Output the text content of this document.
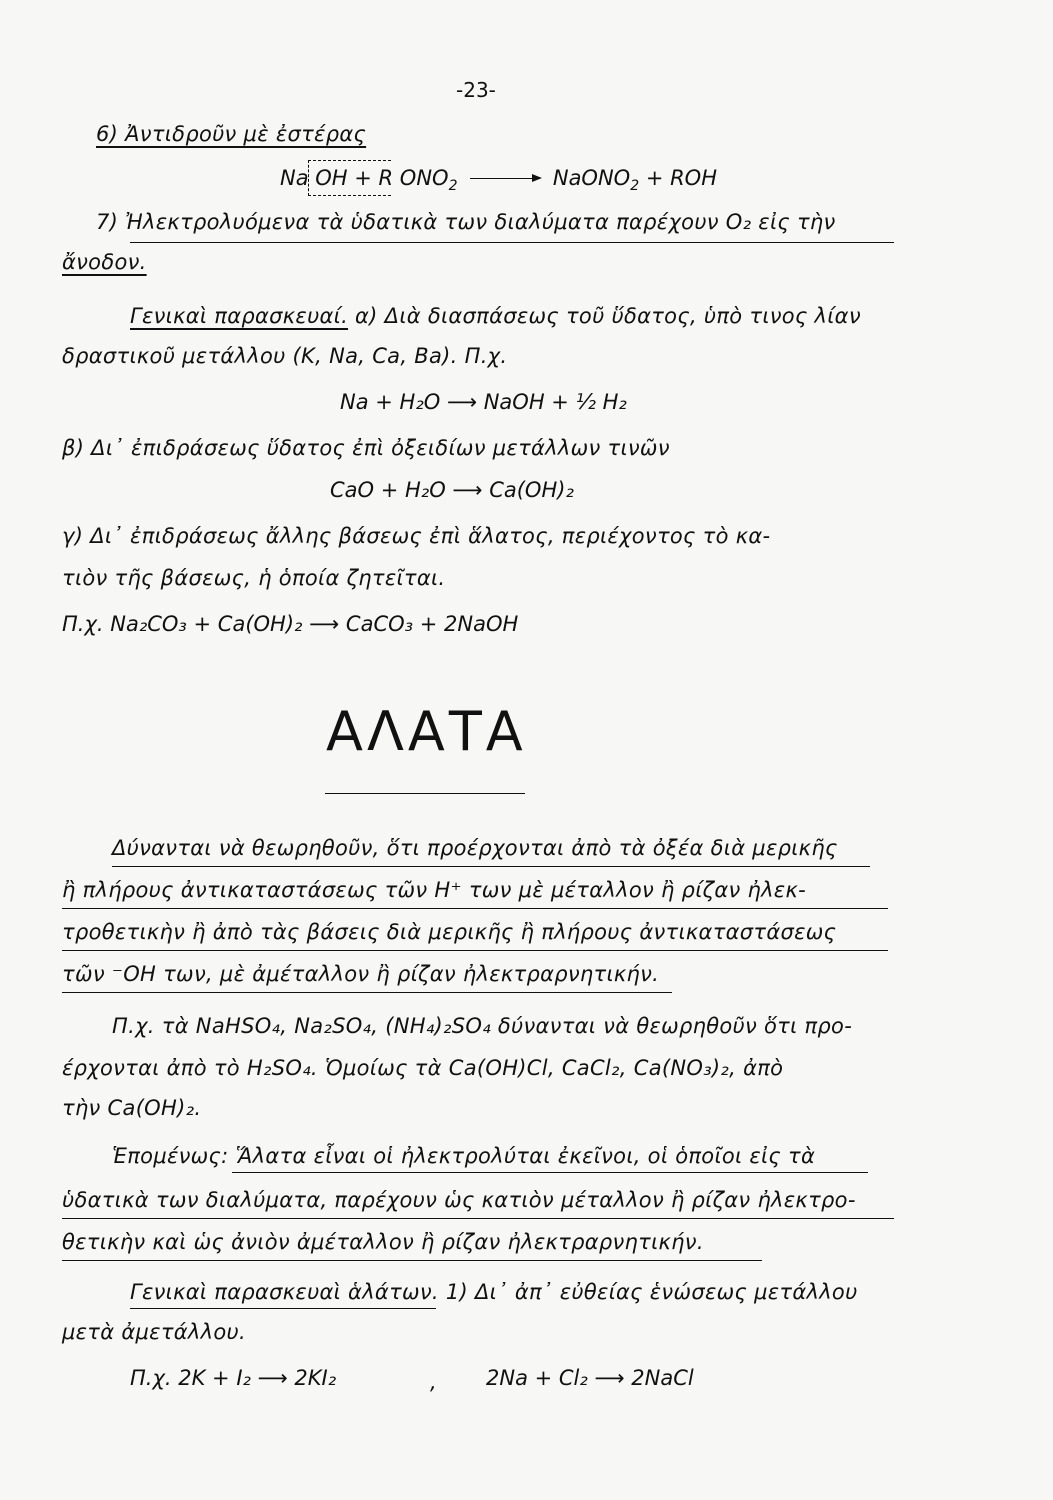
-23-
6) Ἀντιδροῦν μὲ ἐστέρας
Na OH + R $ONO_2$	NaONO$_2$ + ROH
7) Ἠλεκτρολυόμενα τὰ ὑδατικὰ των διαλύματα παρέχουν O₂ εἰς τὴν
ἄνοδον.
Γενικαὶ παρασκευαί. α) Διὰ διασπάσεως τοῦ ὕδατος, ὑπὸ τινος λίαν
δραστικοῦ μετάλλου (K, Na, Ca, Ba). Π.χ.
Na + H₂O ⟶ NaOH + ½ H₂
β) Δι᾽ ἐπιδράσεως ὕδατος ἐπὶ ὀξειδίων μετάλλων τινῶν
CaO + H₂O ⟶ Ca(OH)₂
γ) Δι᾽ ἐπιδράσεως ἄλλης βάσεως ἐπὶ ἅλατος, περιέχοντος τὸ κα-
τιὸν τῆς βάσεως, ἡ ὁποία ζητεῖται.
Π.χ. Na₂CO₃ + Ca(OH)₂ ⟶ CaCO₃ + 2NaOH
ΑΛΑΤΑ
Δύνανται νὰ θεωρηθοῦν, ὅτι προέρχονται ἀπὸ τὰ ὀξέα διὰ μερικῆς
ἢ πλήρους ἀντικαταστάσεως τῶν H⁺ των μὲ μέταλλον ἢ ρίζαν ἠλεκ-
τροθετικὴν ἢ ἀπὸ τὰς βάσεις διὰ μερικῆς ἢ πλήρους ἀντικαταστάσεως
τῶν ⁻OH των, μὲ ἀμέταλλον ἢ ρίζαν ἠλεκτραρνητικήν.
Π.χ. τὰ NaHSO₄, Na₂SO₄, (NH₄)₂SO₄ δύνανται νὰ θεωρηθοῦν ὅτι προ-
έρχονται ἀπὸ τὸ H₂SO₄. Ὁμοίως τὰ Ca(OH)Cl, CaCl₂, Ca(NO₃)₂, ἀπὸ
τὴν Ca(OH)₂.
Ἑπομένως: Ἅλατα εἶναι οἱ ἠλεκτρολύται ἐκεῖνοι, οἱ ὁποῖοι εἰς τὰ
ὑδατικὰ των διαλύματα, παρέχουν ὡς κατιὸν μέταλλον ἢ ρίζαν ἠλεκτρο-
θετικὴν καὶ ὡς ἀνιὸν ἀμέταλλον ἢ ρίζαν ἠλεκτραρνητικήν.
Γενικαὶ παρασκευαὶ ἁλάτων. 1) Δι᾽ ἀπ᾽ εὐθείας ἑνώσεως μετάλλου
μετὰ ἀμετάλλου.
Π.χ. 2K + I₂ ⟶ 2KI₂	, 2Na + Cl₂ ⟶ 2NaCl
